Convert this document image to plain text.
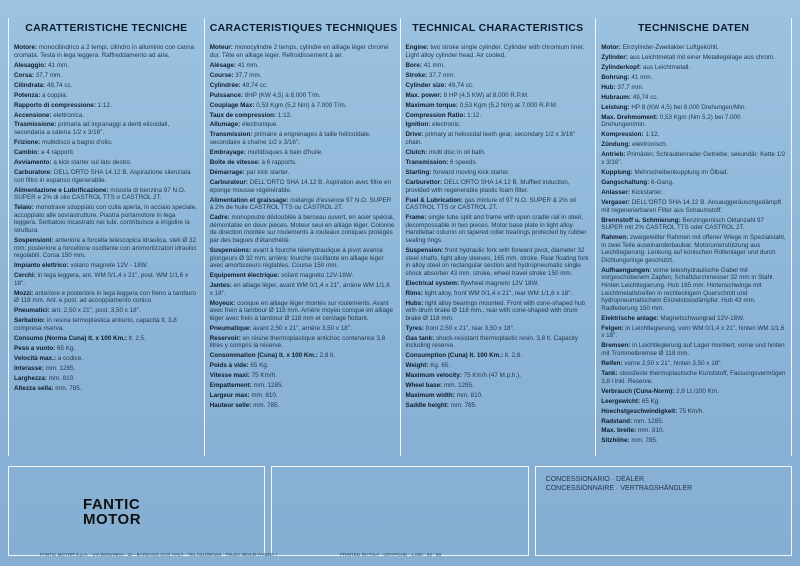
CARATTERISTICHE TECNICHE
Motore: monocilindrico a 2 tempi, cilindro in alluminio con canna cromata. Testa in lega leggera. Raffreddamento ad aria.
Alesaggio: 41 mm.
Corsa: 37,7 mm.
Cilindrata: 49,74 cc.
Potenza: a coppia.
Rapporto di compressione: 1:12.
Accensione: elettronica.
Trasmissione: primaria ad ingranaggi a denti elicoidali, secondaria a catena 1/2 x 3/16".
Frizione: multidisco a bagno d'olio.
Cambio: a 4 rapporti.
Avviamento: a kick starter sul lato destro.
Carburatore: DELL'ORTO SHA 14.12 B. Aspirazione silenziata con filtro in espanso rigenerabile.
Alimentazione e Lubrificazione: miscela di benzina 97 N.O. SUPER e 2% di olio CASTROL TTS o CASTROL 2T.
Telaio: monotrave sdoppiato con culla aperta, in acciaio speciale, accoppiato alle sovrastrutture. Piastra portamotore in lega leggera. Serbatoio incastrato nei tubi, contribuisce a irrigidire la struttura.
Sospensioni: anteriore a forcella telescopica idraulica, steli Ø 32 mm; posteriore a forcellone oscillante con ammortizzatori idraulici regolabili. Corsa 150 mm.
Impianto elettrico: volano magnete 12V - 18W.
Cerchi: in lega leggera, ant. WM 0/1,4 x 21", post. WM 1/1,6 x 18".
Mozzi: anteriore e posteriore in lega leggera con freno a tamburo Ø 118 mm. Ant. e post. ad accoppiamento conico.
Pneumatici: ant. 2,50 x 21", post. 3,50 x 18".
Serbatoio: in resina termoplastica antiurto, capacità lt. 3,8 compresa riserva.
Consumo (Norma Cuna) lt. x 100 Km.: lt. 2,5.
Peso a vuoto: 65 Kg.
Velocità max.: a codice.
Interasse: mm. 1285.
Larghezza: mm. 810.
Altezza sella: mm. 785.
CARACTERISTIQUES TECHNIQUES
Moteur: monocylindre 2 temps, cylindre en alliage léger chromé dur. Tête en alliage léger. Refroidissement à air.
Alésage: 41 mm.
Course: 37,7 mm.
Cylindrée: 49,74 cc.
Puissance: 8HP (KW 4,5) à 8.000 T/m.
Couplage Max: 0,53 Kgm (5,2 Nm) à 7.000 T/m.
Taux de compression: 1:12.
Allumage: électronique.
Transmission: primaire à engrenages à taille hélicoïdale, secondaire à chaîne 1/2 x 3/16".
Embrayage: multidisques à bain d'huile.
Boîte de vitesse: à 6 rapports.
Démarrage: par kick starter.
Carburateur: DELL'ORTO SHA 14.12 B. Aspiration avec filtre en éponge mousse régénérable.
Alimentation et graissage: mélange d'essence 97 N.O. SUPER à 2% de huile CASTROL TTS ou CASTROL 2T.
Cadre: monopoutre dédoublée à berceau ouvert, en acier spécial, démontable en deux pièces. Moteur seul en alliage léger. Colonne de direction montée sur roulements à rouleaux coniques protégés par des bagues d'étanchéité.
Suspensions: avant à fourche télehydraulique à pivot avancé plongeurs Ø 32 mm; arrière: fourche oscillante en alliage léger avec amortisseurs réglables. Course 150 mm.
Equipement électrique: volant magnéto 12V-18W.
Jantes: en alliage léger, avant WM 0/1,4 x 21", arrière WM 1/1,6 x 18".
Moyeux: conique en alliage léger montés sur roulements. Avant avec frein à tambour Ø 118 mm. Arrière moyeu conique en alliage léger avec frein à tambour Ø 118 mm et cerclage flottant.
Pneumatique: avant 2,50 x 21", arrière 3,50 x 18".
Reservoir: en résine thermoplastique antichoc contenance 3,8 litres y compris la réserve.
Consommation (Cuna) lt. x 100 Km.: 2,8 lt.
Poids à vide: 65 Kg.
Vitesse maxi: 75 Km/h.
Empattement: mm. 1285.
Largeur max: mm. 810.
Hauteur selle: mm. 785.
TECHNICAL CHARACTERISTICS
Engine: two stroke single cylinder. Cylinder with chromium liner. Light alloy cylinder head. Air cooled.
Bore: 41 mm.
Stroke: 37,7 mm.
Cylinder size: 49,74 cc.
Max. power: 8 HP (4,5 KW) at 8.000 R.P.M.
Maximum torque: 0,53 Kgm (5,2 Nm) at 7.000 R.P.M.
Compression Ratio: 1:12.
Ignition: electronic.
Drive: primary at helicoidal teeth gear, secondary 1/2 x 3/16" chain.
Clutch: multi disc in oil bath.
Transmission: 6 speeds.
Starting: forward moving kick starter.
Carburettor: DELL'ORTO SHA 14.12 B. Muffled induction, provided with regenerable plastic foam filter.
Fuel & Lubrication: gas mixture of 97 N.O. SUPER & 2% oil CASTROL TTS or CASTROL 2T.
Frame: single tube split and frame with open cradle rail in steel, decompossable in two pieces. Motor base plate in light alloy. Handlebar column on tapered roller bearings protected by rubber sealing rings.
Suspension: front hydraulic fork with forward pivot, diameter 32 steel shafts, light alloy sleeves, 165 mm. stroke. Rear floating fork in alloy steel on rectangular section and hydropneumatic single shock absorber 43 mm. stroke, wheel travel stroke 150 mm.
Electrical system: flywheel magneto 12V 18W.
Rims: light alloy, front WM 0/1,4 x 21", rear WM 1/1,6 x 18".
Hubs: light alloy bearings mounted. Front with cone-shaped hub with drum brake Ø 118 mm., rear with cone-shaped with drum brake Ø 118 mm.
Tyres: front 2,50 x 21", rear 3,50 x 18".
Gas tank: shock-resistant thermoplastic resin, 3,8 lt. Capacity including reserve.
Consumption (Cuna) lt. 100 Km.: lt. 2,8.
Weight: Kg. 65.
Maximum velocity: 75 Km/h (47 M.p.h.).
Wheel base: mm. 1285.
Maximum width: mm. 810.
Saddle height: mm. 785.
TECHNISCHE DATEN
Motor: Einzylinder-Zweitakter Luftgekühlt.
Zylinder: aus Leichtmetall mit einer Metallegelage aus chrom.
Zylinderkopf: aus Leichtmetall.
Bohrung: 41 mm.
Hub: 37,7 mm.
Hubraum: 49,74 cc.
Leistung: HP 8 (KW 4,5) bei 8.000 Drehungen/Min.
Max. Drehmoment: 0,53 Kgm (Nm 5,2) bei 7.000 Drehungen/min.
Kompression: 1:12.
Zündung: elektronisch.
Antrieb: Primären: Schraubenrader Getriebe; sekundär: Kette 1/2 x 3/16".
Kupplung: Mehrscheibenkupplung im Ölbad.
Gangschaltung: 6-Gang.
Anlasser: Kickstarter.
Vergaser: DELL'ORTO SHA 14.12 B. Ansauggeräuschgedämpft mit regenerierbaren Filter aus Schaumstoff.
Brennstoff u. Schmierung: Benzingemisch Oktanzahl 97 SUPER mit 2% CASTROL TTS oder CASTROL 2T.
Rahmen: zweigeteilter Rahmen mit offener Wiege in Spezialstahl, in zwei Teile auseinanderbaubar. Motorunterstützung aus Leichtlegierung. Lenkung auf konischen Rollenlager und durch Dichtungsringe geschützt.
Aufhaengungen: vorne teleshydraulische Gabel mit vorgeschobenem Zapfen, Schaftdurchmesser 32 mm in Stahl. Hinten Leichtlegierung. Hub 165 mm. Hintenschwinge mit Leichtmetallstreifen in rechteckigem Querschnitt und hydropneumatischem Einzelstossdämpfer. Hub 43 mm. Radfederung 150 mm.
Elektrische anlage: Magnetschwungrad 12V-18W.
Felgen: in Leichtlegierung, vorn WM 0/1,4 x 21", hinten WM 1/1,6 x 18".
Bremsen: in Leichtlegierung auf Lager montiert, vorne und hinten mit Trommelbremse Ø 118 mm.
Reifen: vorne 2,50 x 21", hinten 3,50 x 18".
Tank: stossfeste thermoplastische Kunststoff, Fassungsvermögen 3,8 l inkl. Reserve.
Verbrauch (Cuna-Norm): 2,8 Lt./100 Km.
Leergewicht: 65 Kg.
Hoechstgeschwindigkeit: 75 Km/h.
Radstand: mm. 1285.
Max. breite: mm. 810.
Sitzhöhe: mm. 785.
FANTIC
MOTOR
CONCESSIONARIO · DEALER
CONCESSIONNAIRE · VERTRAGSHÄNDLER
FANTIC MOTOR S.p.A. · VIA BONANNA · 22 - BARZAGO (CO) ITALY · TEL 031/860164 · TELEX 380445 FANTIC I	PRINTED IN ITALY - GRAFICHE - 1.000 · 02 · 83
